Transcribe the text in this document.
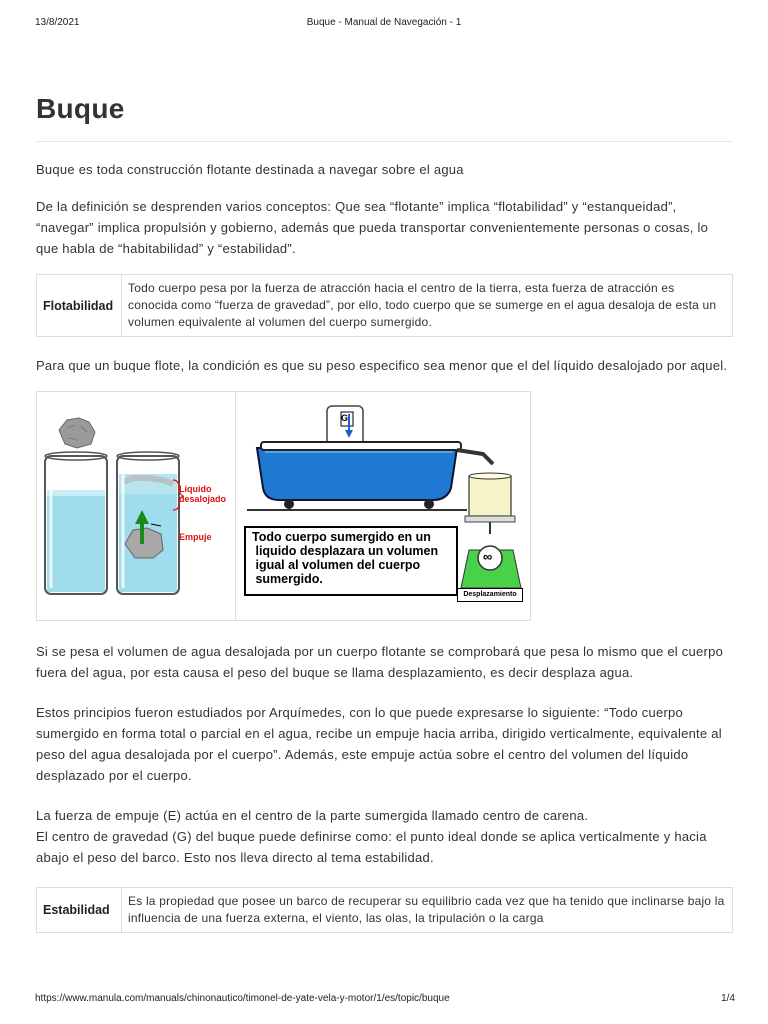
13/8/2021	Buque - Manual de Navegación - 1
Buque

Buque es toda construcción flotante destinada a navegar sobre el agua

De la definición se desprenden varios conceptos: Que sea “flotante” implica “flotabilidad” y “estanqueidad”, “navegar” implica propulsión y gobierno, además que pueda transportar convenientemente personas o cosas, lo que habla de “habitabilidad” y “estabilidad”.

Flotabilidad	Todo cuerpo pesa por la fuerza de atracción hacia el centro de la tierra, esta fuerza de atracción es conocida como “fuerza de gravedad”, por ello, todo cuerpo que se sumerge en el agua desaloja de esta un volumen equivalente al volumen del cuerpo sumergido.

Para que un buque flote, la condición es que su peso especifico sea menor que el del líquido desalojado por aquel.

Líquido
desalojado
Empuje
G
∞
Todo cuerpo sumergido en un
liquido desplazara un volumen
igual al volumen del cuerpo
sumergido.
Desplazamiento

Si se pesa el volumen de agua desalojada por un cuerpo flotante se comprobará que pesa lo mismo que el cuerpo fuera del agua, por esta causa el peso del buque se llama desplazamiento, es decir desplaza agua.

Estos principios fueron estudiados por Arquímedes, con lo que puede expresarse lo siguiente: “Todo cuerpo sumergido en forma total o parcial en el agua, recibe un empuje hacia arriba, dirigido verticalmente, equivalente al peso del agua desalojada por el cuerpo”. Además, este empuje actúa sobre el centro del volumen del líquido desplazado por el cuerpo.

La fuerza de empuje (E) actúa en el centro de la parte sumergida llamado centro de carena.

El centro de gravedad (G) del buque puede definirse como: el punto ideal donde se aplica verticalmente y hacia abajo el peso del barco. Esto nos lleva directo al tema estabilidad.

Estabilidad	Es la propiedad que posee un barco de recuperar su equilibrio cada vez que ha tenido que inclinarse bajo la influencia de una fuerza externa, el viento, las olas, la tripulación o la carga
https://www.manula.com/manuals/chinonautico/timonel-de-yate-vela-y-motor/1/es/topic/buque	1/4
